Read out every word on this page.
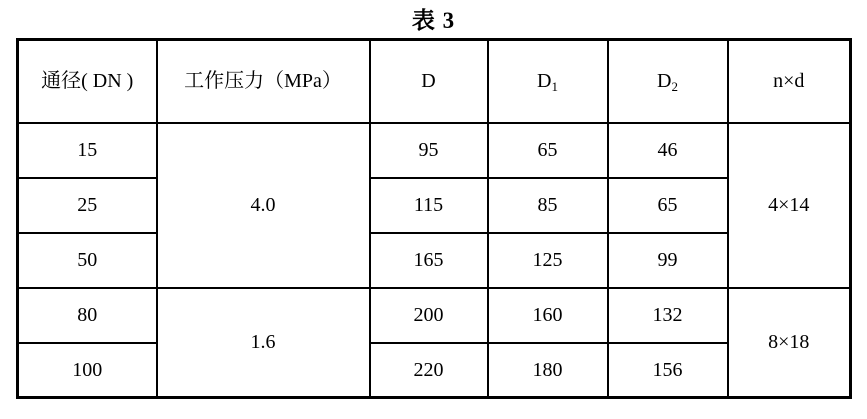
表 3
通径( DN )	工作压力（MPa）	D	$D_1$	$D_2$	n×d
15	4.0	95	65	46	4×14
25		115	85	65	
50		165	125	99	
80	1.6	200	160	132	8×18
100		220	180	156	
